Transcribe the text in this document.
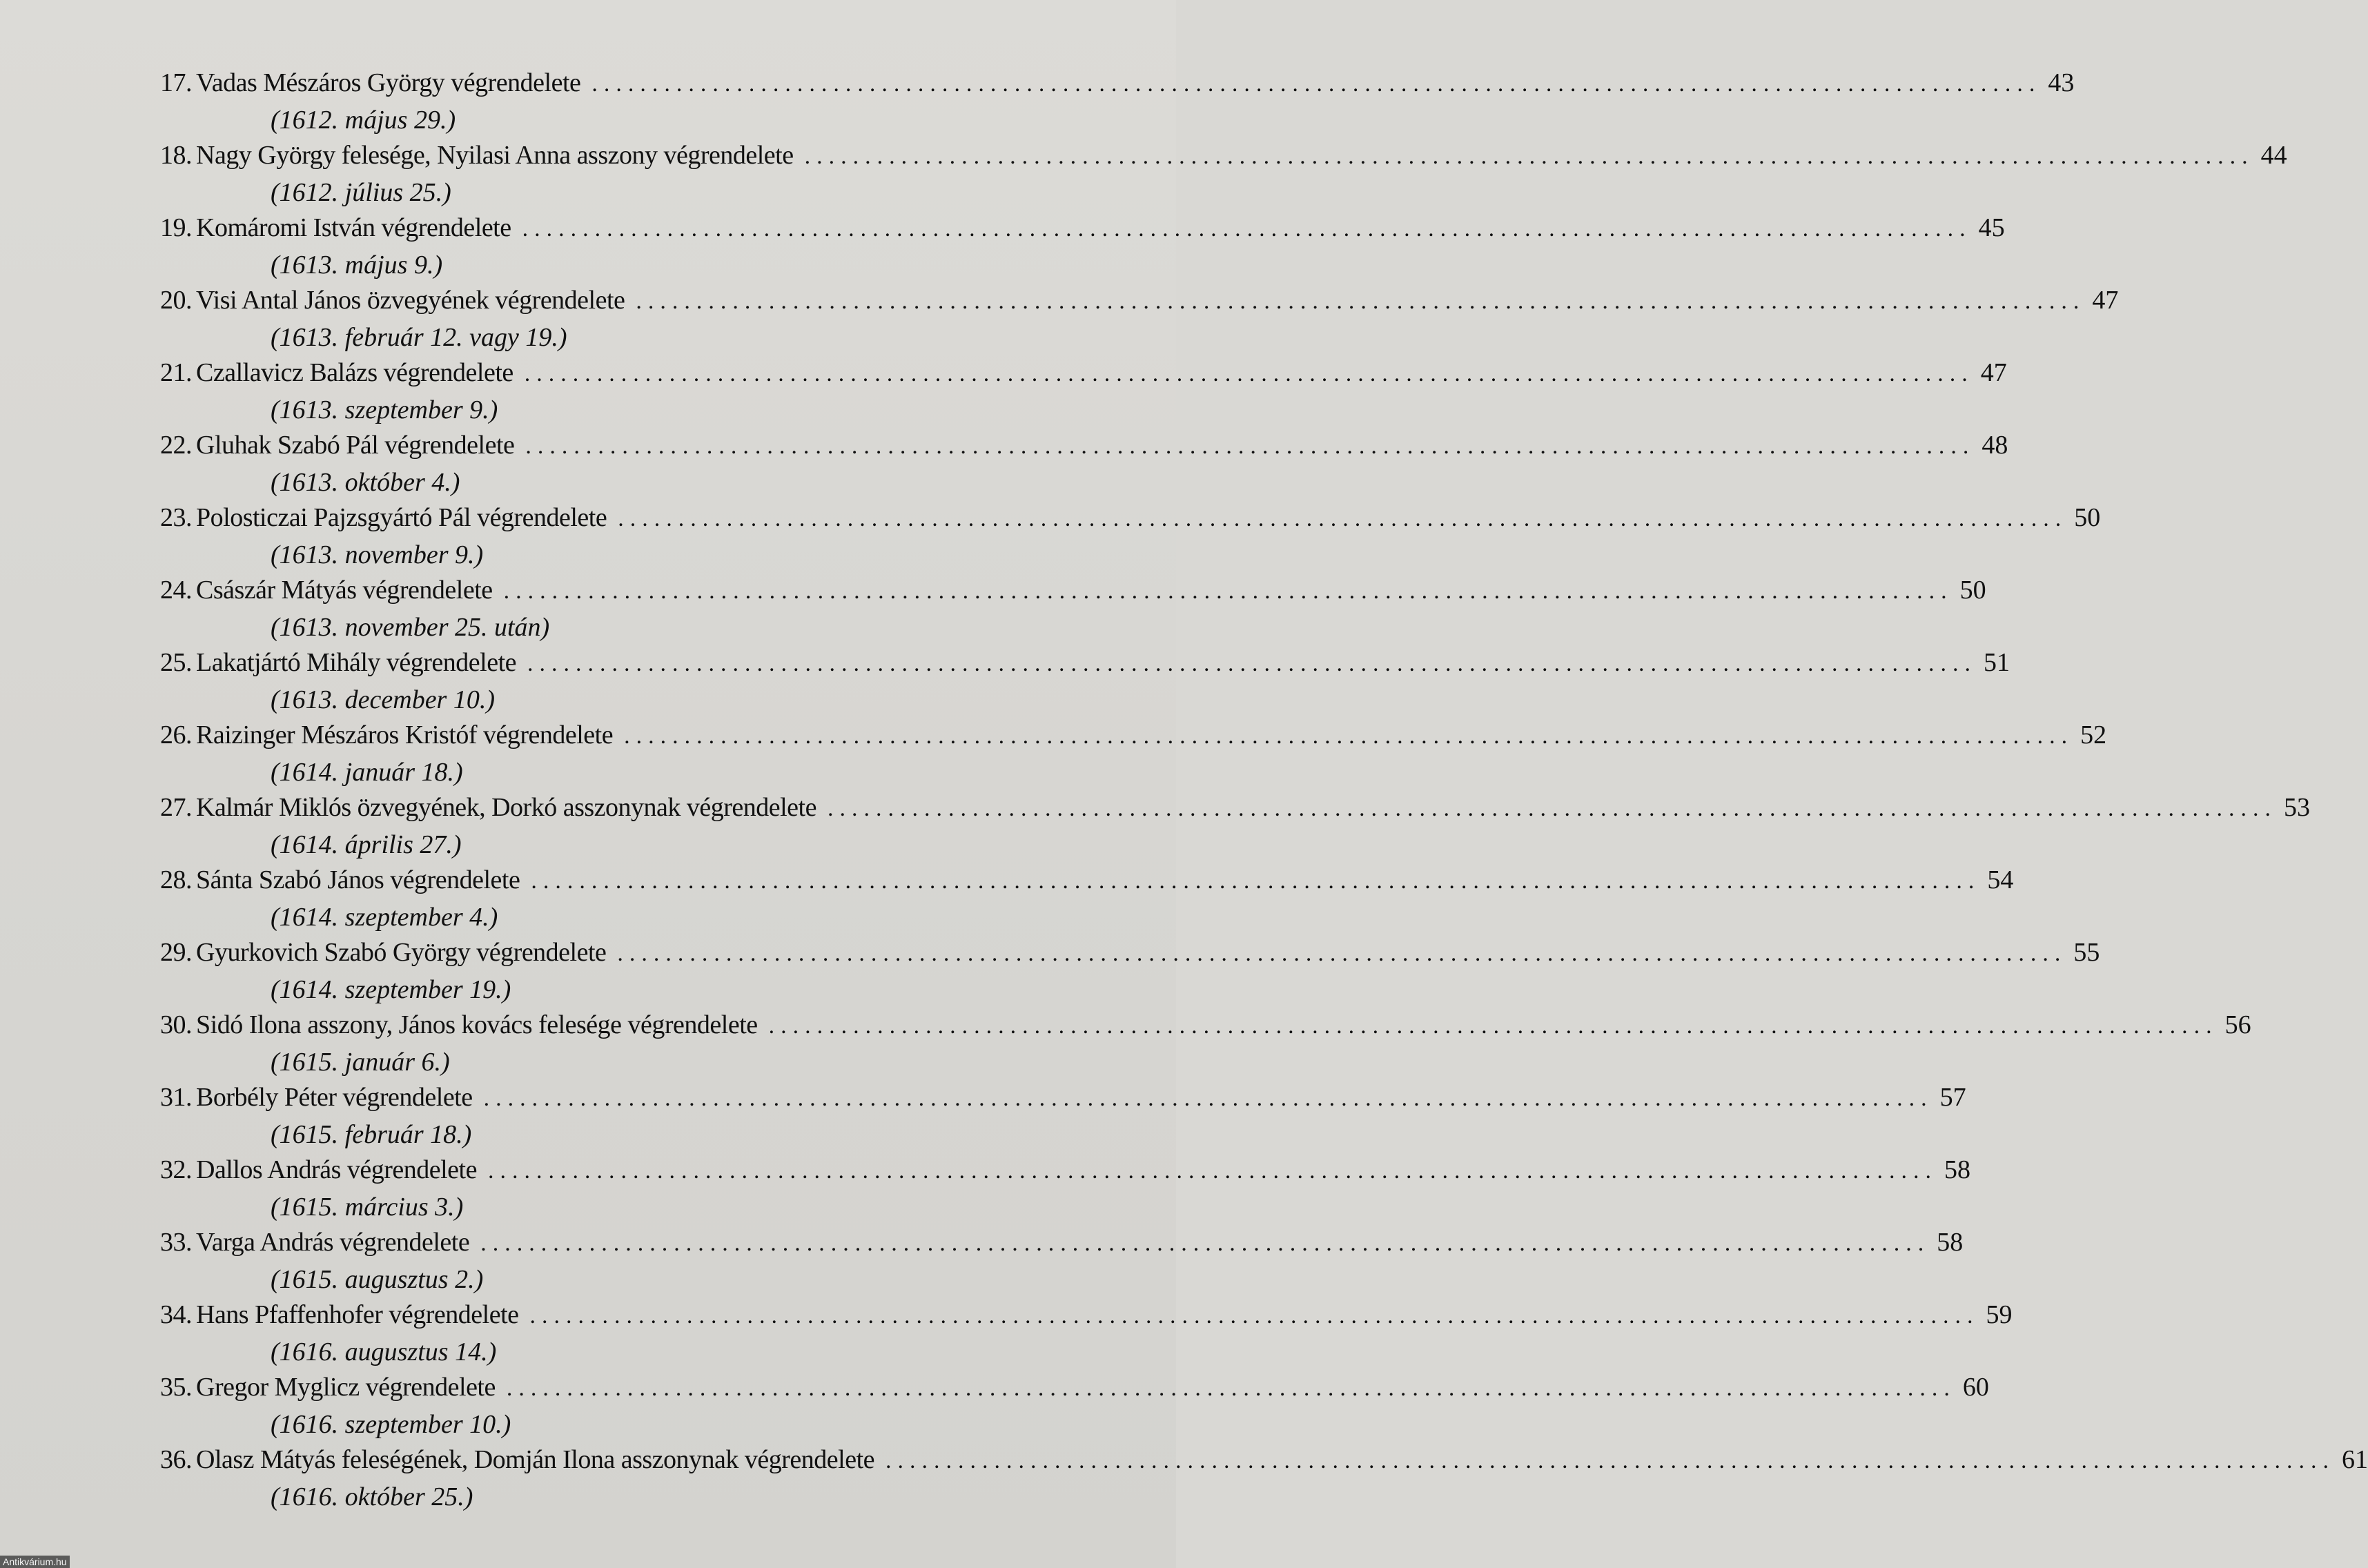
17. Vadas Mészáros György végrendelete ........................................................................................................................ 43
(1612. május 29.)
18. Nagy György felesége, Nyilasi Anna asszony végrendelete ........................................................................................................................ 44
(1612. július 25.)
19. Komáromi István végrendelete ........................................................................................................................ 45
(1613. május 9.)
20. Visi Antal János özvegyének végrendelete ........................................................................................................................ 47
(1613. február 12. vagy 19.)
21. Czallavicz Balázs végrendelete ........................................................................................................................ 47
(1613. szeptember 9.)
22. Gluhak Szabó Pál végrendelete ........................................................................................................................ 48
(1613. október 4.)
23. Polosticzai Pajzsgyártó Pál végrendelete ........................................................................................................................ 50
(1613. november 9.)
24. Császár Mátyás végrendelete ........................................................................................................................ 50
(1613. november 25. után)
25. Lakatjártó Mihály végrendelete ........................................................................................................................ 51
(1613. december 10.)
26. Raizinger Mészáros Kristóf végrendelete ........................................................................................................................ 52
(1614. január 18.)
27. Kalmár Miklós özvegyének, Dorkó asszonynak végrendelete ........................................................................................................................ 53
(1614. április 27.)
28. Sánta Szabó János végrendelete ........................................................................................................................ 54
(1614. szeptember 4.)
29. Gyurkovich Szabó György végrendelete ........................................................................................................................ 55
(1614. szeptember 19.)
30. Sidó Ilona asszony, János kovács felesége végrendelete ........................................................................................................................ 56
(1615. január 6.)
31. Borbély Péter végrendelete ........................................................................................................................ 57
(1615. február 18.)
32. Dallos András végrendelete ........................................................................................................................ 58
(1615. március 3.)
33. Varga András végrendelete ........................................................................................................................ 58
(1615. augusztus 2.)
34. Hans Pfaffenhofer végrendelete ........................................................................................................................ 59
(1616. augusztus 14.)
35. Gregor Myglicz végrendelete ........................................................................................................................ 60
(1616. szeptember 10.)
36. Olasz Mátyás feleségének, Domján Ilona asszonynak végrendelete ........................................................................................................................ 61
(1616. október 25.)
Antikvárium.hu
